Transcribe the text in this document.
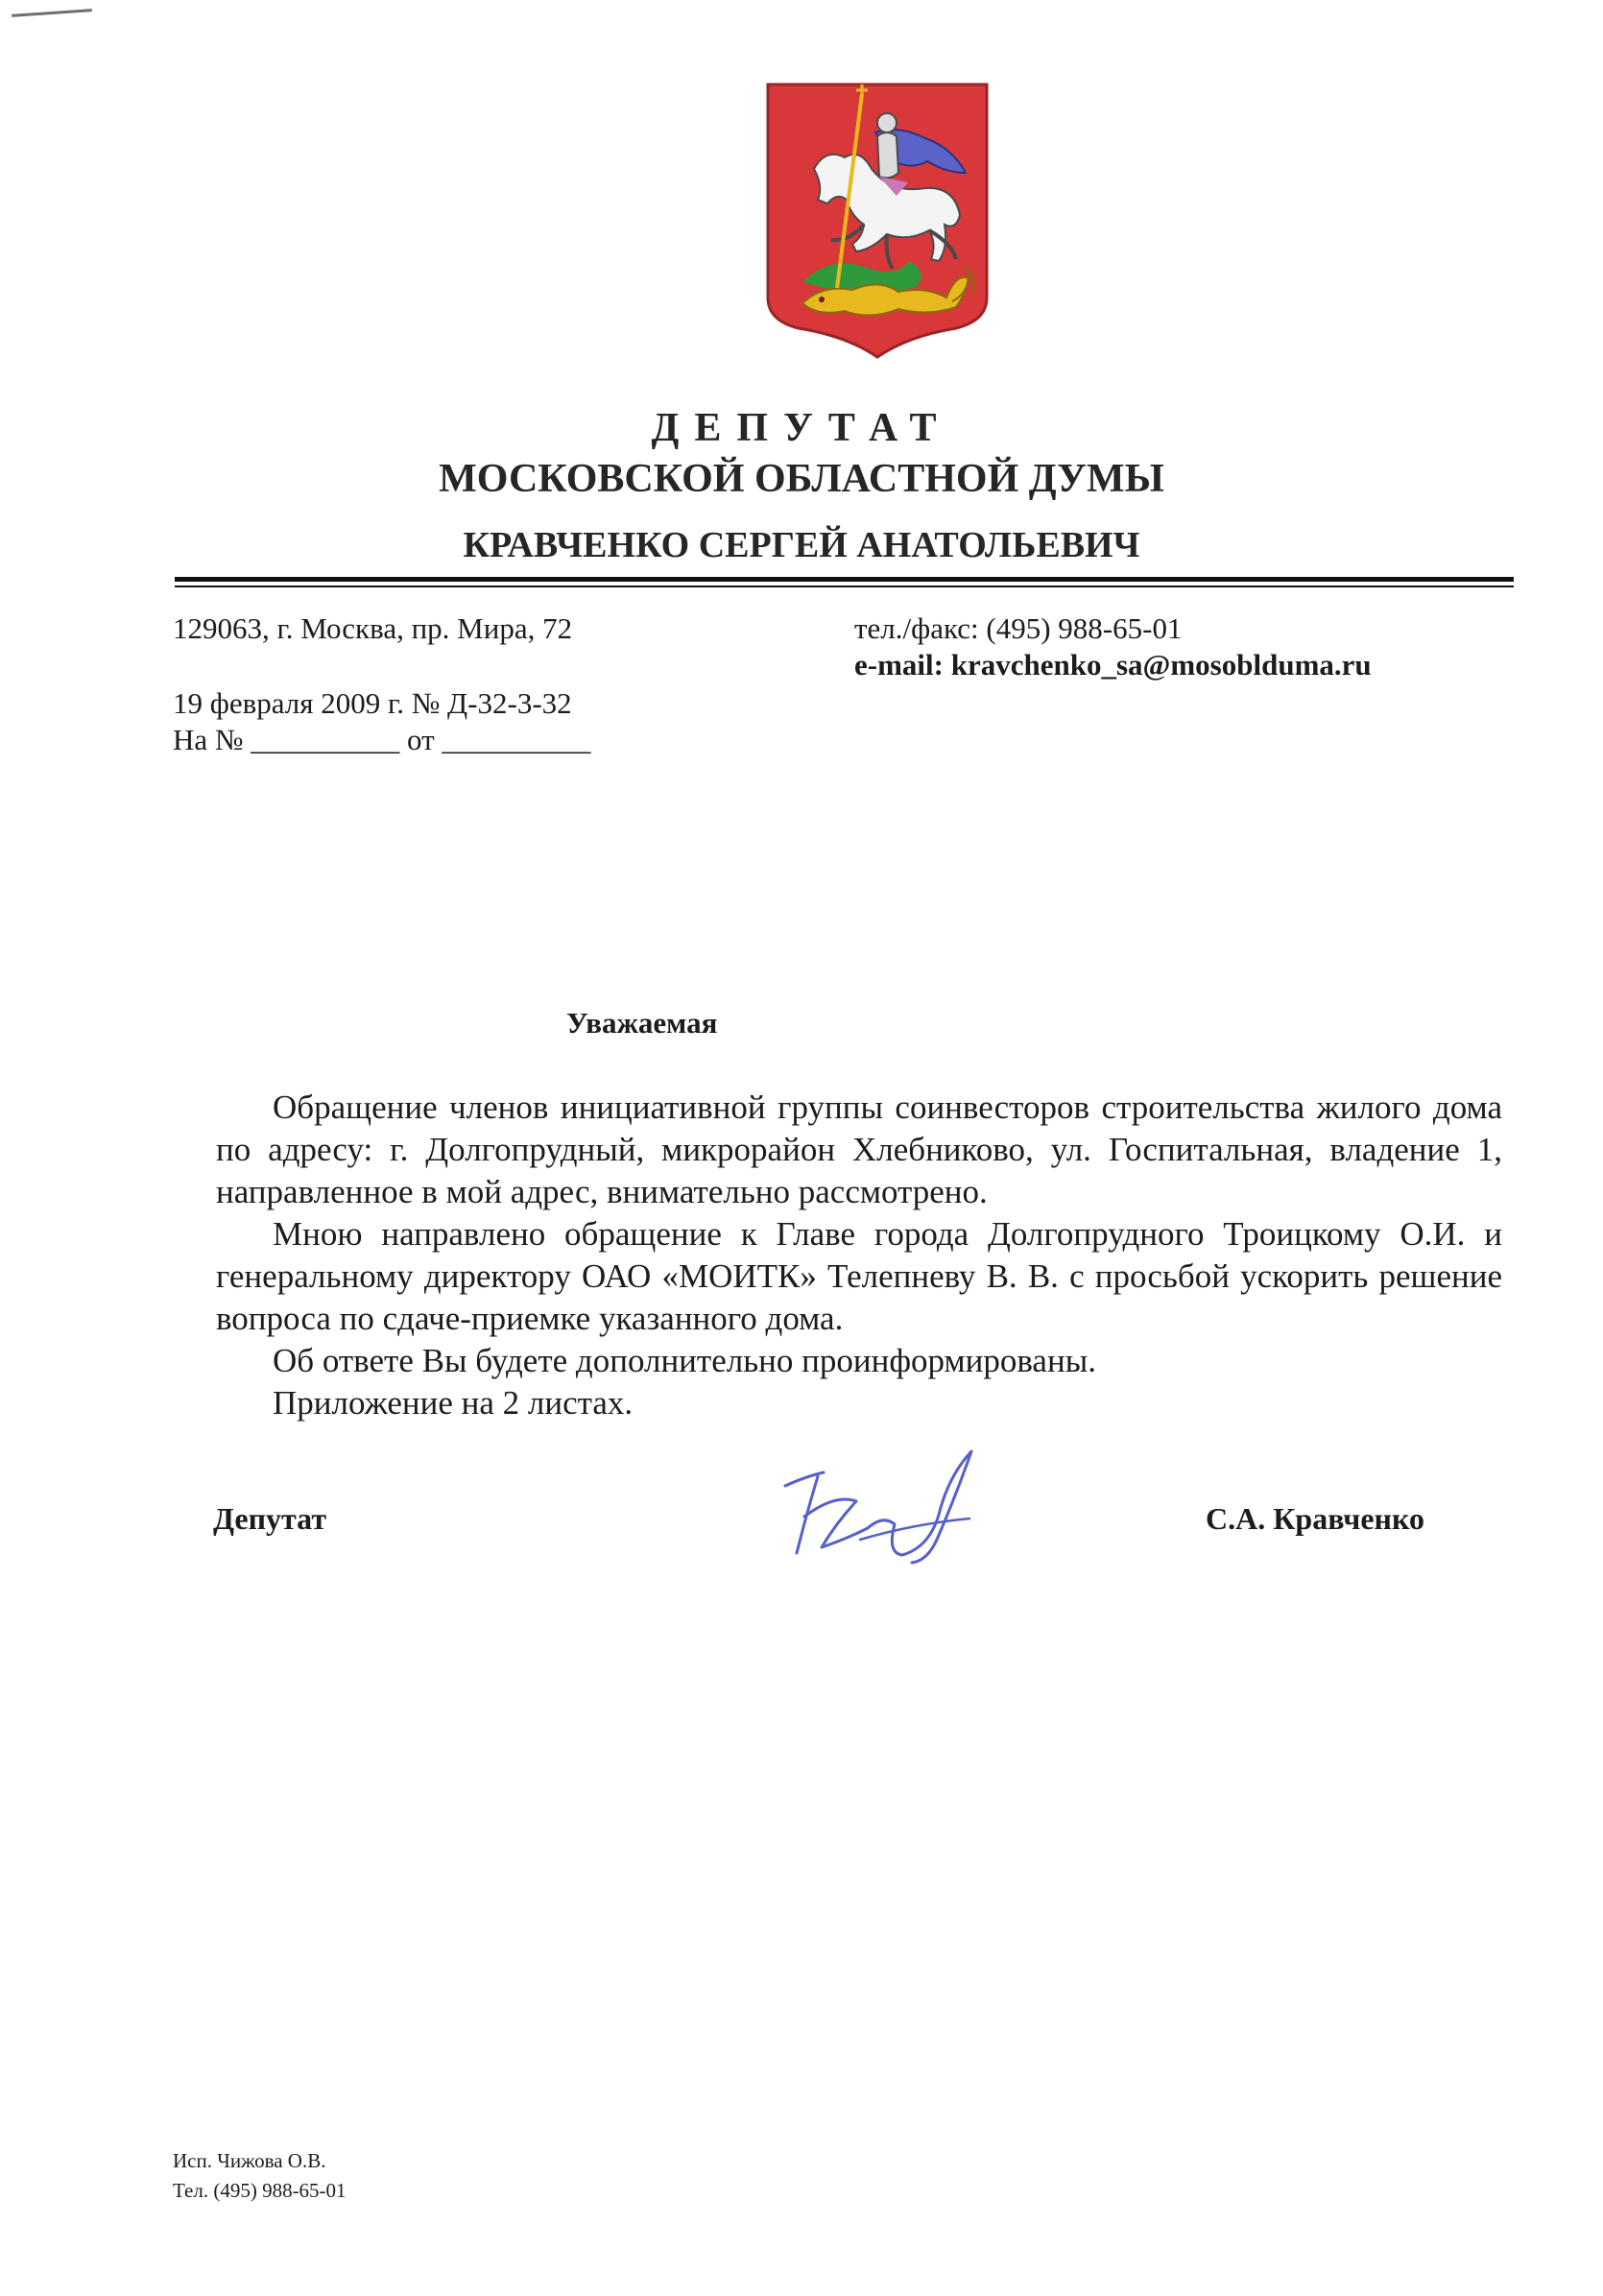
ДЕПУТАТ
МОСКОВСКОЙ ОБЛАСТНОЙ ДУМЫ
КРАВЧЕНКО СЕРГЕЙ АНАТОЛЬЕВИЧ
129063, г. Москва, пр. Мира, 72	тел./факс: (495) 988-65-01
e-mail: kravchenko_sa@mosobldumа.ru
19 февраля 2009 г. № Д-32-3-32
На № __________ от __________
Уважаемая

Обращение членов инициативной группы соинвесторов строительства жилого дома по адресу: г. Долгопрудный, микрорайон Хлебниково, ул. Госпитальная, владение 1, направленное в мой адрес, внимательно рассмотрено.

Мною направлено обращение к Главе города Долгопрудного Троицкому О.И. и генеральному директору ОАО «МОИТК» Телепневу В. В. с просьбой ускорить решение вопроса по сдаче-приемке указанного дома.

Об ответе Вы будете дополнительно проинформированы.

Приложение на 2 листах.

Депутат	С.А. Кравченко
Исп. Чижова О.В.
Тел. (495) 988-65-01
